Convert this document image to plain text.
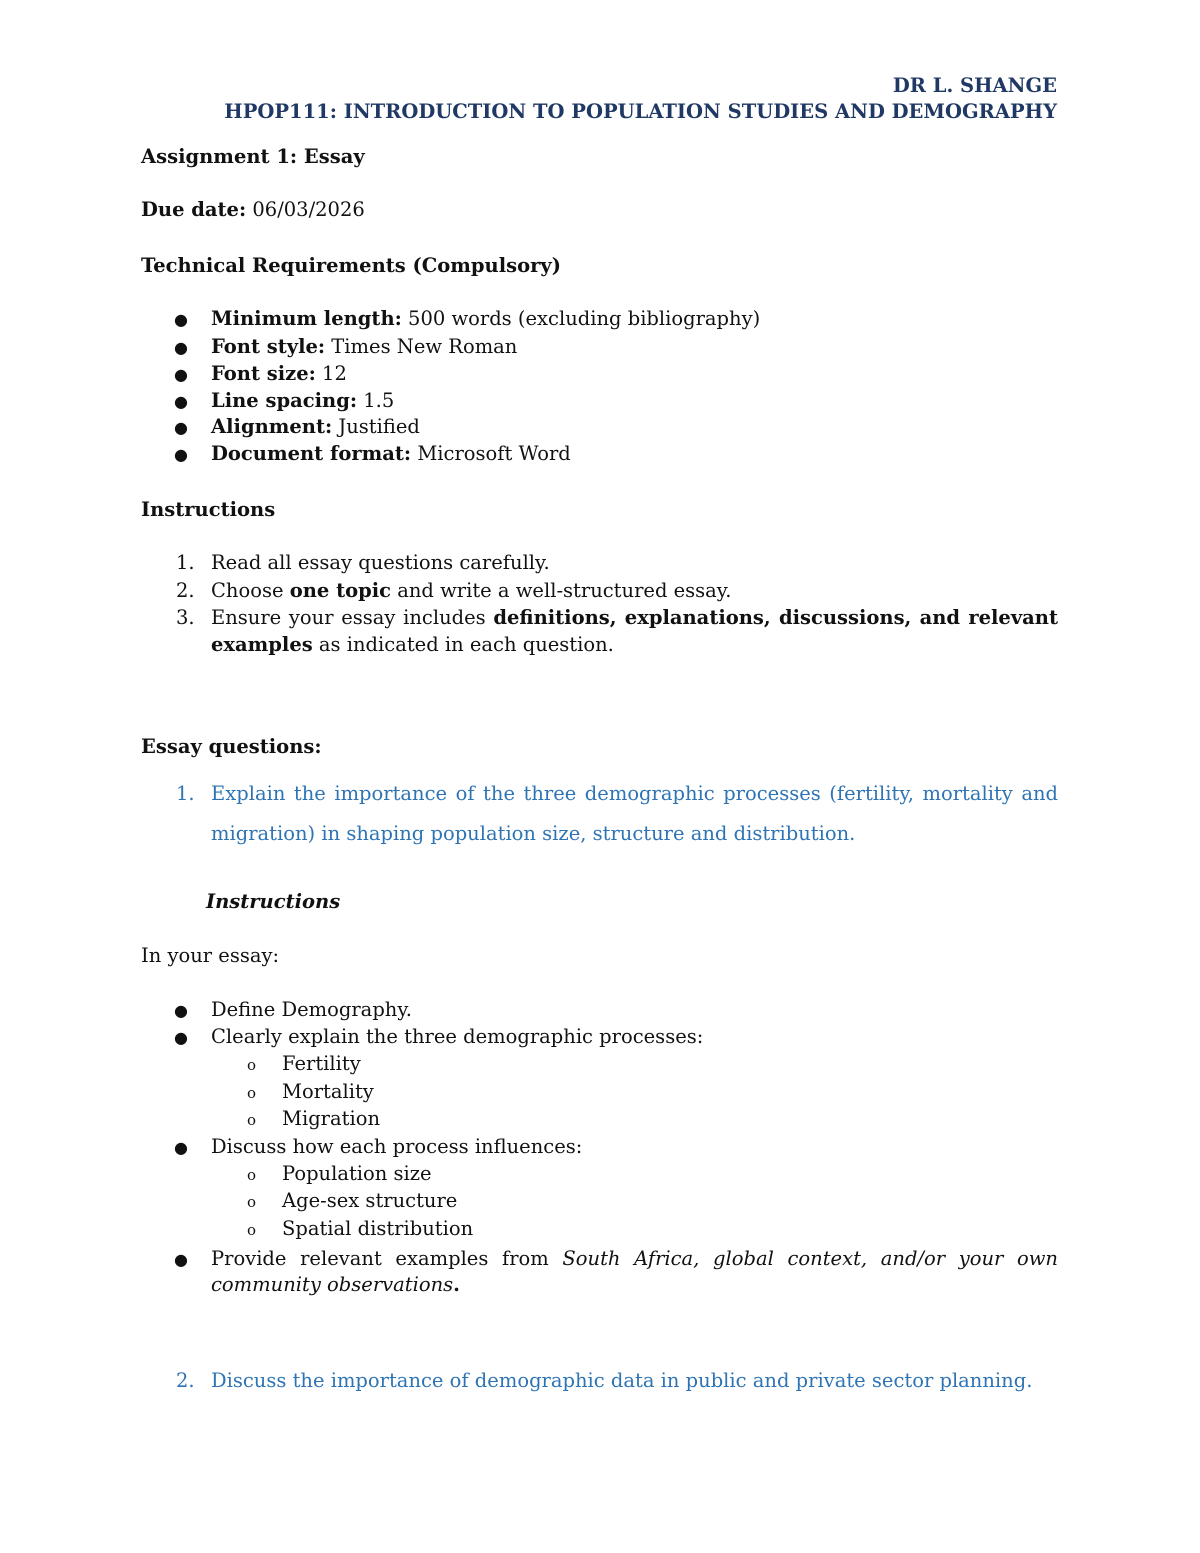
DR L. SHANGE
HPOP111: INTRODUCTION TO POPULATION STUDIES AND DEMOGRAPHY
Assignment 1: Essay
Due date: 06/03/2026
Technical Requirements (Compulsory)
● Minimum length: 500 words (excluding bibliography)
● Font style: Times New Roman
● Font size: 12
● Line spacing: 1.5
● Alignment: Justified
● Document format: Microsoft Word
Instructions
1. Read all essay questions carefully.
2. Choose one topic and write a well-structured essay.
3. Ensure your essay includes definitions, explanations, discussions, and relevant
examples as indicated in each question.
Essay questions:
1. Explain the importance of the three demographic processes (fertility, mortality and
migration) in shaping population size, structure and distribution.
Instructions
In your essay:
● Define Demography.
● Clearly explain the three demographic processes:
o Fertility
o Mortality
o Migration
● Discuss how each process influences:
o Population size
o Age-sex structure
o Spatial distribution
● Provide relevant examples from South Africa, global context, and/or your own
community observations.
2. Discuss the importance of demographic data in public and private sector planning.
